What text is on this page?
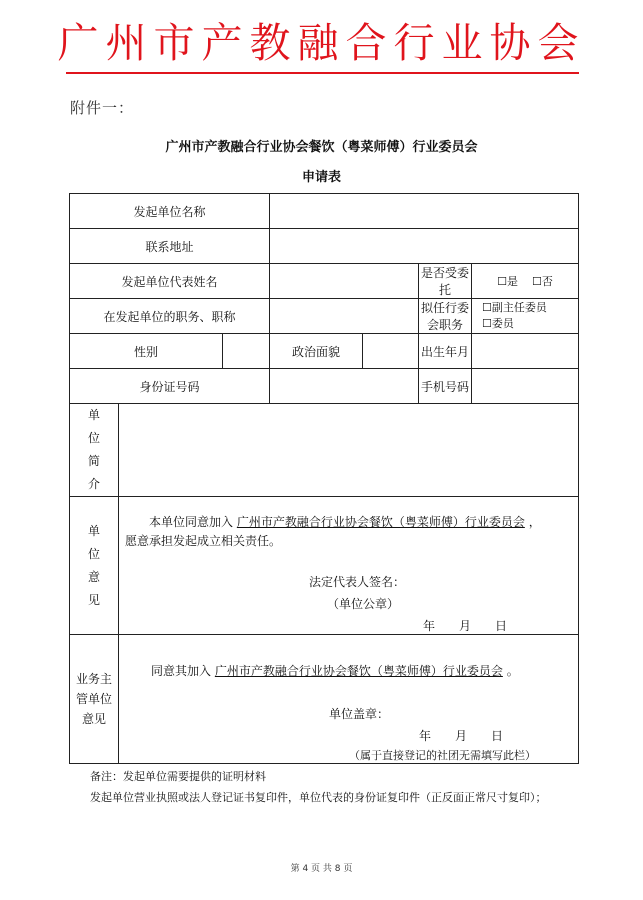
广州市产教融合行业协会
附件一：
广州市产教融合行业协会餐饮（粤菜师傅）行业委员会
申请表
发起单位名称						
联系地址						
发起单位代表姓名					是否受委托	☐是 ☐否
在发起单位的职务、职称					拟任行委会职务	☐副主任委员
☐委员

性别			政治面貌		出生年月	
身份证号码					手机号码	

单位简介						

单位意见	本单位同意加入 广州市产教融合行业协会餐饮（粤菜师傅）行业委员会 ，
愿意承担发起成立相关责任。
法定代表人签名：
（单位公章）
年　　月　　日					

业务主管单位意见	同意其加入 广州市产教融合行业协会餐饮（粤菜师傅）行业委员会 。
单位盖章：
年　　月　　日
（属于直接登记的社团无需填写此栏）					
备注：发起单位需要提供的证明材料
发起单位营业执照或法人登记证书复印件，单位代表的身份证复印件（正反面正常尺寸复印）；
第 4 页 共 8 页
